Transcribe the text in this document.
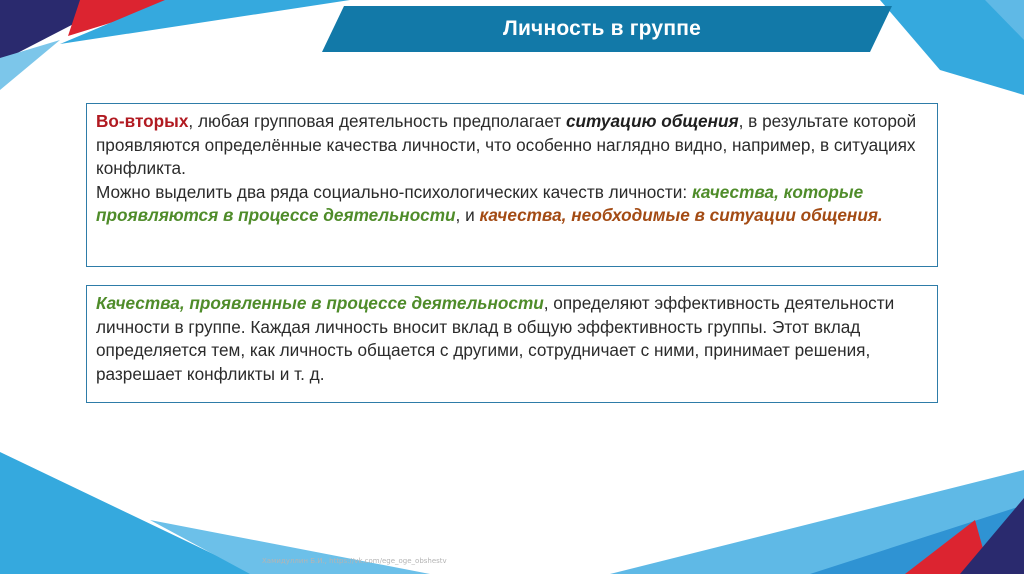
Личность в группе
Во-вторых, любая групповая деятельность предполагает ситуацию общения, в результате которой проявляются определённые качества личности, что особенно наглядно видно, например, в ситуациях конфликта.
Можно выделить два ряда социально-психологических качеств личности: качества, которые проявляются в процессе деятельности, и качества, необходимые в ситуации общения.
Качества, проявленные в процессе деятельности, определяют эффективность деятельности личности в группе. Каждая личность вносит вклад в общую эффективность группы. Этот вклад определяется тем, как личность общается с другими, сотрудничает с ними, принимает решения, разрешает конфликты и т. д.
Хамидуллин Б.И., https://vk.com/ege_oge_obshestv
